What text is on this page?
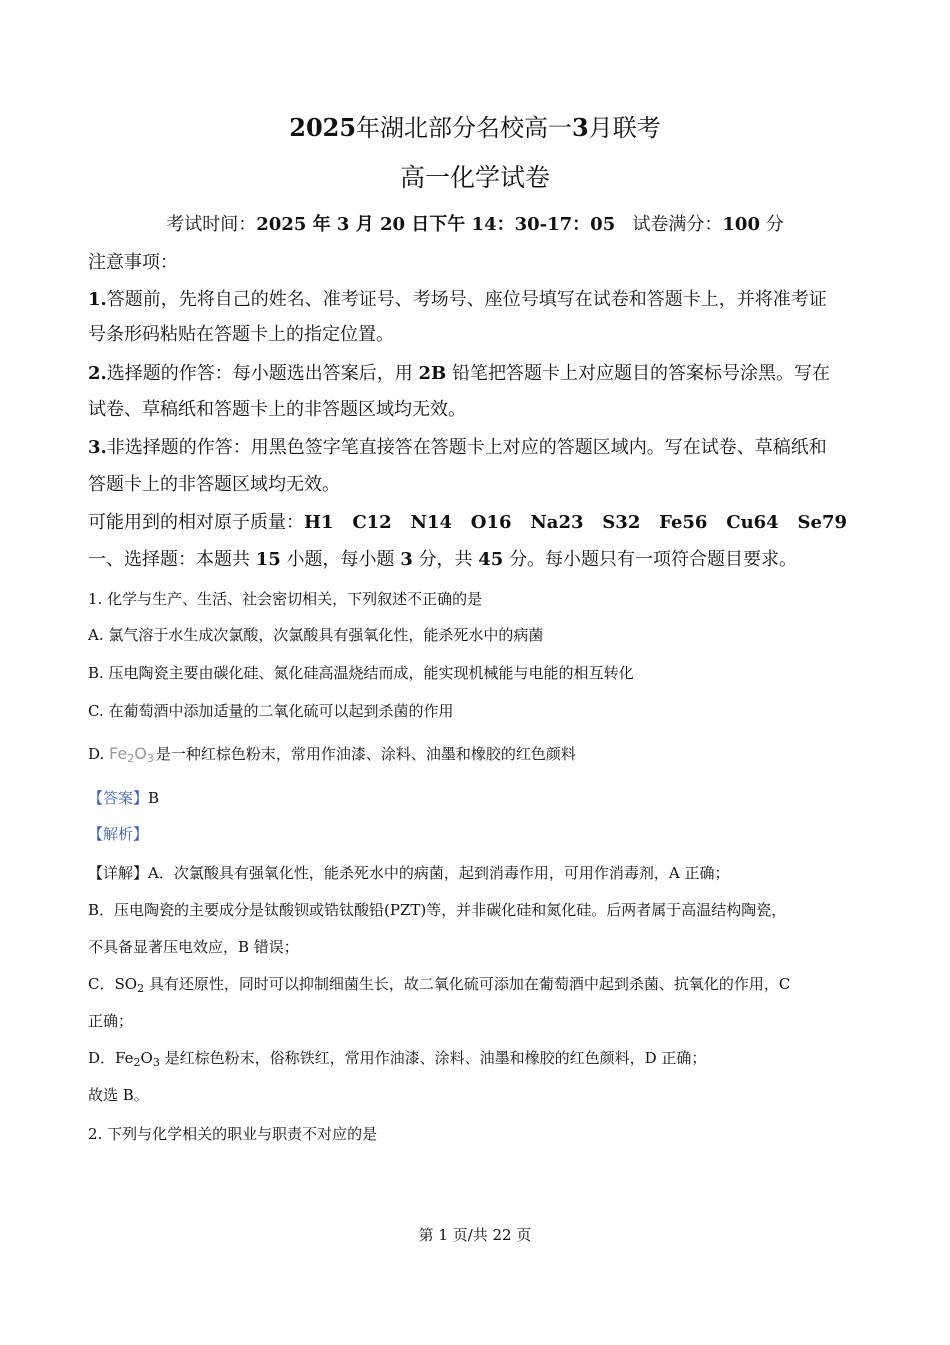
2025年湖北部分名校高一3月联考
高一化学试卷
考试时间：2025 年 3 月 20 日下午 14：30-17：05 试卷满分：100 分
注意事项：
1.答题前，先将自己的姓名、准考证号、考场号、座位号填写在试卷和答题卡上，并将准考证
号条形码粘贴在答题卡上的指定位置。
2.选择题的作答：每小题选出答案后，用 2B 铅笔把答题卡上对应题目的答案标号涂黑。写在
试卷、草稿纸和答题卡上的非答题区域均无效。
3.非选择题的作答：用黑色签字笔直接答在答题卡上对应的答题区域内。写在试卷、草稿纸和
答题卡上的非答题区域均无效。
可能用到的相对原子质量：H1   C12   N14   O16   Na23   S32   Fe56   Cu64   Se79
一、选择题：本题共 15 小题，每小题 3 分，共 45 分。每小题只有一项符合题目要求。
1. 化学与生产、生活、社会密切相关，下列叙述不正确的是
A. 氯气溶于水生成次氯酸，次氯酸具有强氧化性，能杀死水中的病菌
B. 压电陶瓷主要由碳化硅、氮化硅高温烧结而成，能实现机械能与电能的相互转化
C. 在葡萄酒中添加适量的二氧化硫可以起到杀菌的作用
D. $Fe_2O_3$ 是一种红棕色粉末，常用作油漆、涂料、油墨和橡胶的红色颜料
【答案】B
【解析】
【详解】A．次氯酸具有强氧化性，能杀死水中的病菌，起到消毒作用，可用作消毒剂，A 正确；
B．压电陶瓷的主要成分是钛酸钡或锆钛酸铅(PZT)等，并非碳化硅和氮化硅。后两者属于高温结构陶瓷，
不具备显著压电效应，B 错误；
C．$SO_2$ 具有还原性，同时可以抑制细菌生长，故二氧化硫可添加在葡萄酒中起到杀菌、抗氧化的作用，C
正确；
D．$Fe_2O_3$ 是红棕色粉末，俗称铁红，常用作油漆、涂料、油墨和橡胶的红色颜料，D 正确；
故选 B。
2. 下列与化学相关的职业与职责不对应的是
第 1 页/共 22 页
